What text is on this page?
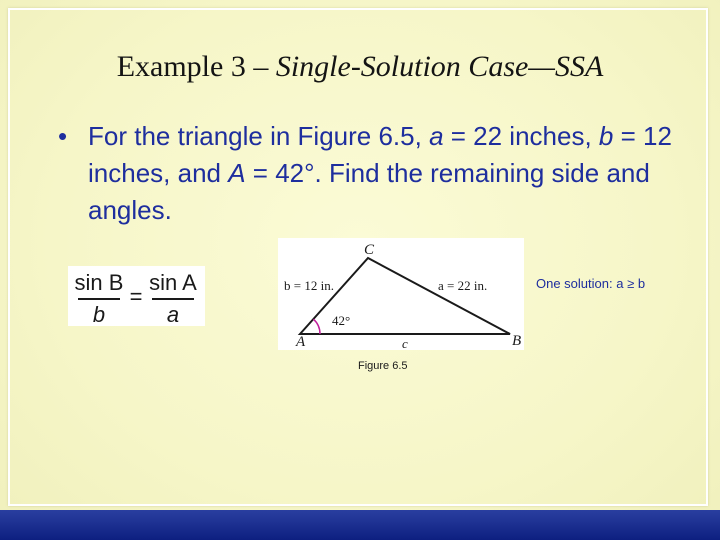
Example 3 – Single-Solution Case—SSA
• For the triangle in Figure 6.5, a = 22 inches, b = 12 inches, and A = 42°. Find the remaining side and angles.
sin B
b
=
sin A
a
C
A	B
b = 12 in.	a = 22 in.
c
42°
One solution: a ≥ b
Figure 6.5
